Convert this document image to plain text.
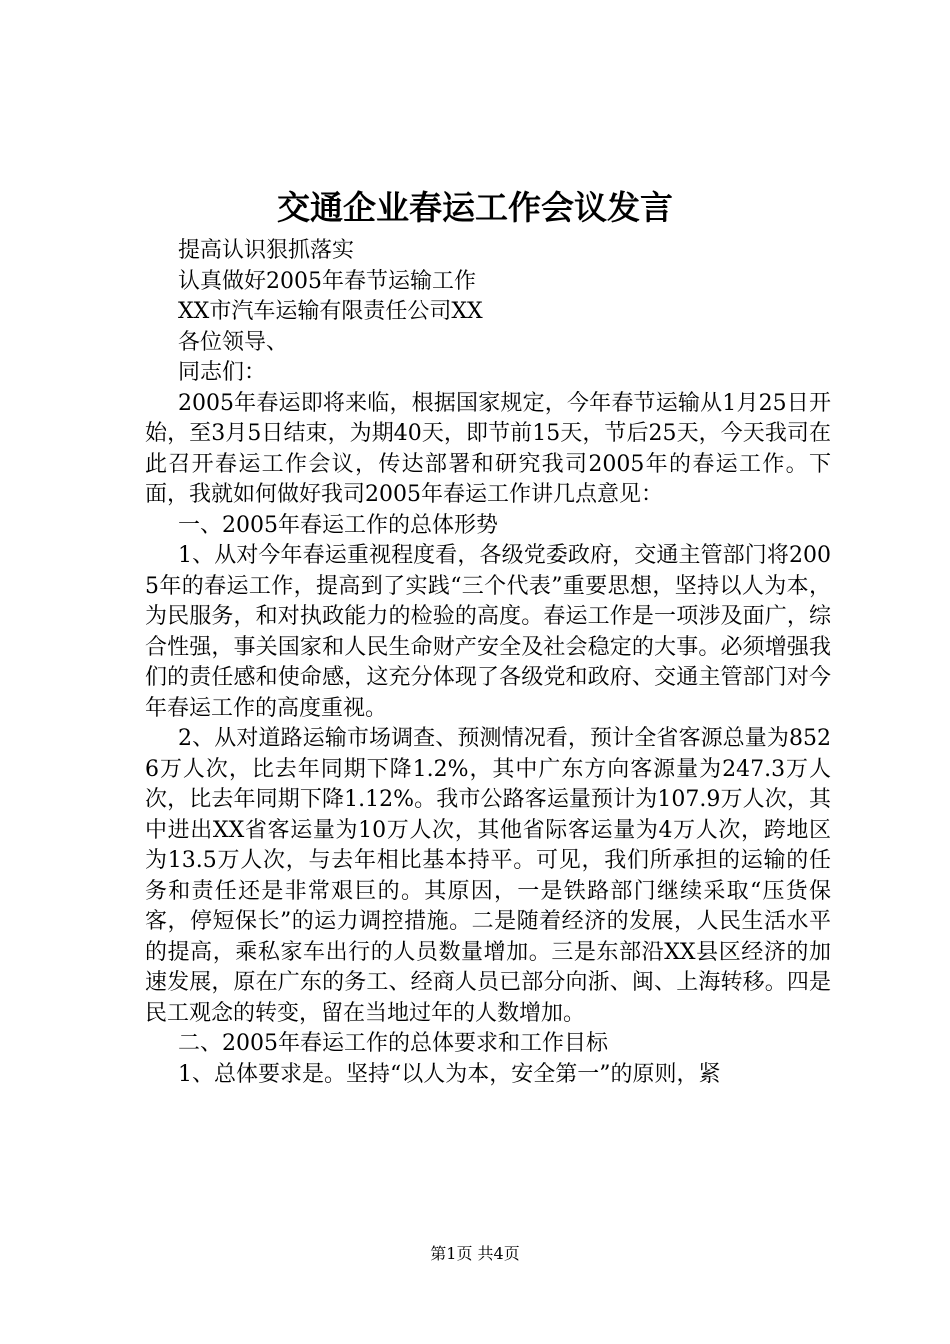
交通企业春运工作会议发言

提高认识狠抓落实

认真做好2005年春节运输工作

XX市汽车运输有限责任公司XX

各位领导、

同志们：

2005年春运即将来临，根据国家规定，今年春节运输从1月25日开始，至3月5日结束，为期40天，即节前15天，节后25天，今天我司在此召开春运工作会议，传达部署和研究我司2005年的春运工作。下面，我就如何做好我司2005年春运工作讲几点意见：

一、2005年春运工作的总体形势

1、从对今年春运重视程度看，各级党委政府，交通主管部门将2005年的春运工作，提高到了实践“三个代表”重要思想，坚持以人为本，为民服务，和对执政能力的检验的高度。春运工作是一项涉及面广，综合性强，事关国家和人民生命财产安全及社会稳定的大事。必须增强我们的责任感和使命感，这充分体现了各级党和政府、交通主管部门对今年春运工作的高度重视。

2、从对道路运输市场调查、预测情况看，预计全省客源总量为8526万人次，比去年同期下降1.2%，其中广东方向客源量为247.3万人次，比去年同期下降1.12%。我市公路客运量预计为107.9万人次，其中进出XX省客运量为10万人次，其他省际客运量为4万人次，跨地区为13.5万人次，与去年相比基本持平。可见，我们所承担的运输的任务和责任还是非常艰巨的。其原因，一是铁路部门继续采取“压货保客，停短保长”的运力调控措施。二是随着经济的发展，人民生活水平的提高，乘私家车出行的人员数量增加。三是东部沿XX县区经济的加速发展，原在广东的务工、经商人员已部分向浙、闽、上海转移。四是民工观念的转变，留在当地过年的人数增加。

二、2005年春运工作的总体要求和工作目标

1、总体要求是。坚持“以人为本，安全第一”的原则，紧

第1页 共4页
